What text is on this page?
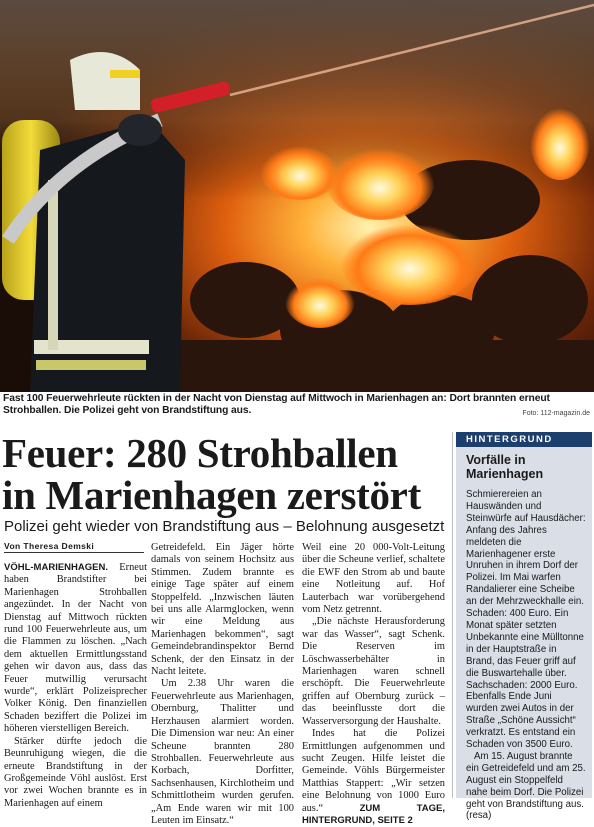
Fast 100 Feuerwehrleute rückten in der Nacht von Dienstag auf Mittwoch in Marienhagen an: Dort brannten erneut Strohballen. Die Polizei geht von Brandstiftung aus.	Foto: 112-magazin.de
Feuer: 280 Strohballen
in Marienhagen zerstört
Polizei geht wieder von Brandstiftung aus – Belohnung ausgesetzt
Von Theresa Demski

VÖHL-MARIENHAGEN. Erneut haben Brandstifter bei Marienhagen Strohballen angezündet. In der Nacht von Dienstag auf Mittwoch rückten rund 100 Feuerwehrleute aus, um die Flammen zu löschen. „Nach dem aktuellen Ermittlungsstand gehen wir davon aus, dass das Feuer mutwillig verursacht wurde“, erklärt Polizeisprecher Volker König. Den finanziellen Schaden beziffert die Polizei im höheren vierstelligen Bereich.

Stärker dürfte jedoch die Beunruhigung wiegen, die die erneute Brandstiftung in der Großgemeinde Vöhl auslöst. Erst vor zwei Wochen brannte es in Marienhagen auf einem

Getreidefeld. Ein Jäger hörte damals von seinem Hochsitz aus Stimmen. Zudem brannte es einige Tage später auf einem Stoppelfeld. „Inzwischen läuten bei uns alle Alarmglocken, wenn wir eine Meldung aus Marienhagen bekommen“, sagt Gemeindebrandinspektor Bernd Schenk, der den Einsatz in der Nacht leitete.

Um 2.38 Uhr waren die Feuerwehrleute aus Marienhagen, Obernburg, Thalitter und Herzhausen alarmiert worden. Die Dimension war neu: An einer Scheune brannten 280 Strohballen. Feuerwehrleute aus Korbach, Dorfitter, Sachsenhausen, Kirchlotheim und Schmittlotheim wurden gerufen. „Am Ende waren wir mit 100 Leuten im Einsatz.“

Weil eine 20 000-Volt-Leitung über die Scheune verlief, schaltete die EWF den Strom ab und baute eine Notleitung auf. Hof Lauterbach war vorübergehend vom Netz getrennt.

„Die nächste Herausforderung war das Wasser“, sagt Schenk. Die Reserven im Löschwasserbehälter in Marienhagen waren schnell erschöpft. Die Feuerwehrleute griffen auf Obernburg zurück – das beeinflusste dort die Wasserversorgung der Haushalte.

Indes hat die Polizei Ermittlungen aufgenommen und sucht Zeugen. Hilfe leistet die Gemeinde. Vöhls Bürgermeister Matthias Stappert: „Wir setzen eine Belohnung von 1000 Euro aus.“	ZUM TAGE, HINTERGRUND, SEITE 2

HINTERGRUND
Vorfälle in Marienhagen

Schmierereien an Hauswänden und Steinwürfe auf Hausdächer: Anfang des Jahres meldeten die Marienhagener erste Unruhen in ihrem Dorf der Polizei. Im Mai warfen Randalierer eine Scheibe an der Mehrzweckhalle ein. Schaden: 400 Euro. Ein Monat später setzten Unbekannte eine Mülltonne in der Hauptstraße in Brand, das Feuer griff auf die Buswartehalle über. Sachschaden: 2000 Euro. Ebenfalls Ende Juni wurden zwei Autos in der Straße „Schöne Aussicht“ verkratzt. Es entstand ein Schaden von 3500 Euro.

Am 15. August brannte ein Getreidefeld und am 25. August ein Stoppelfeld nahe beim Dorf. Die Polizei geht von Brandstiftung aus. (resa)
